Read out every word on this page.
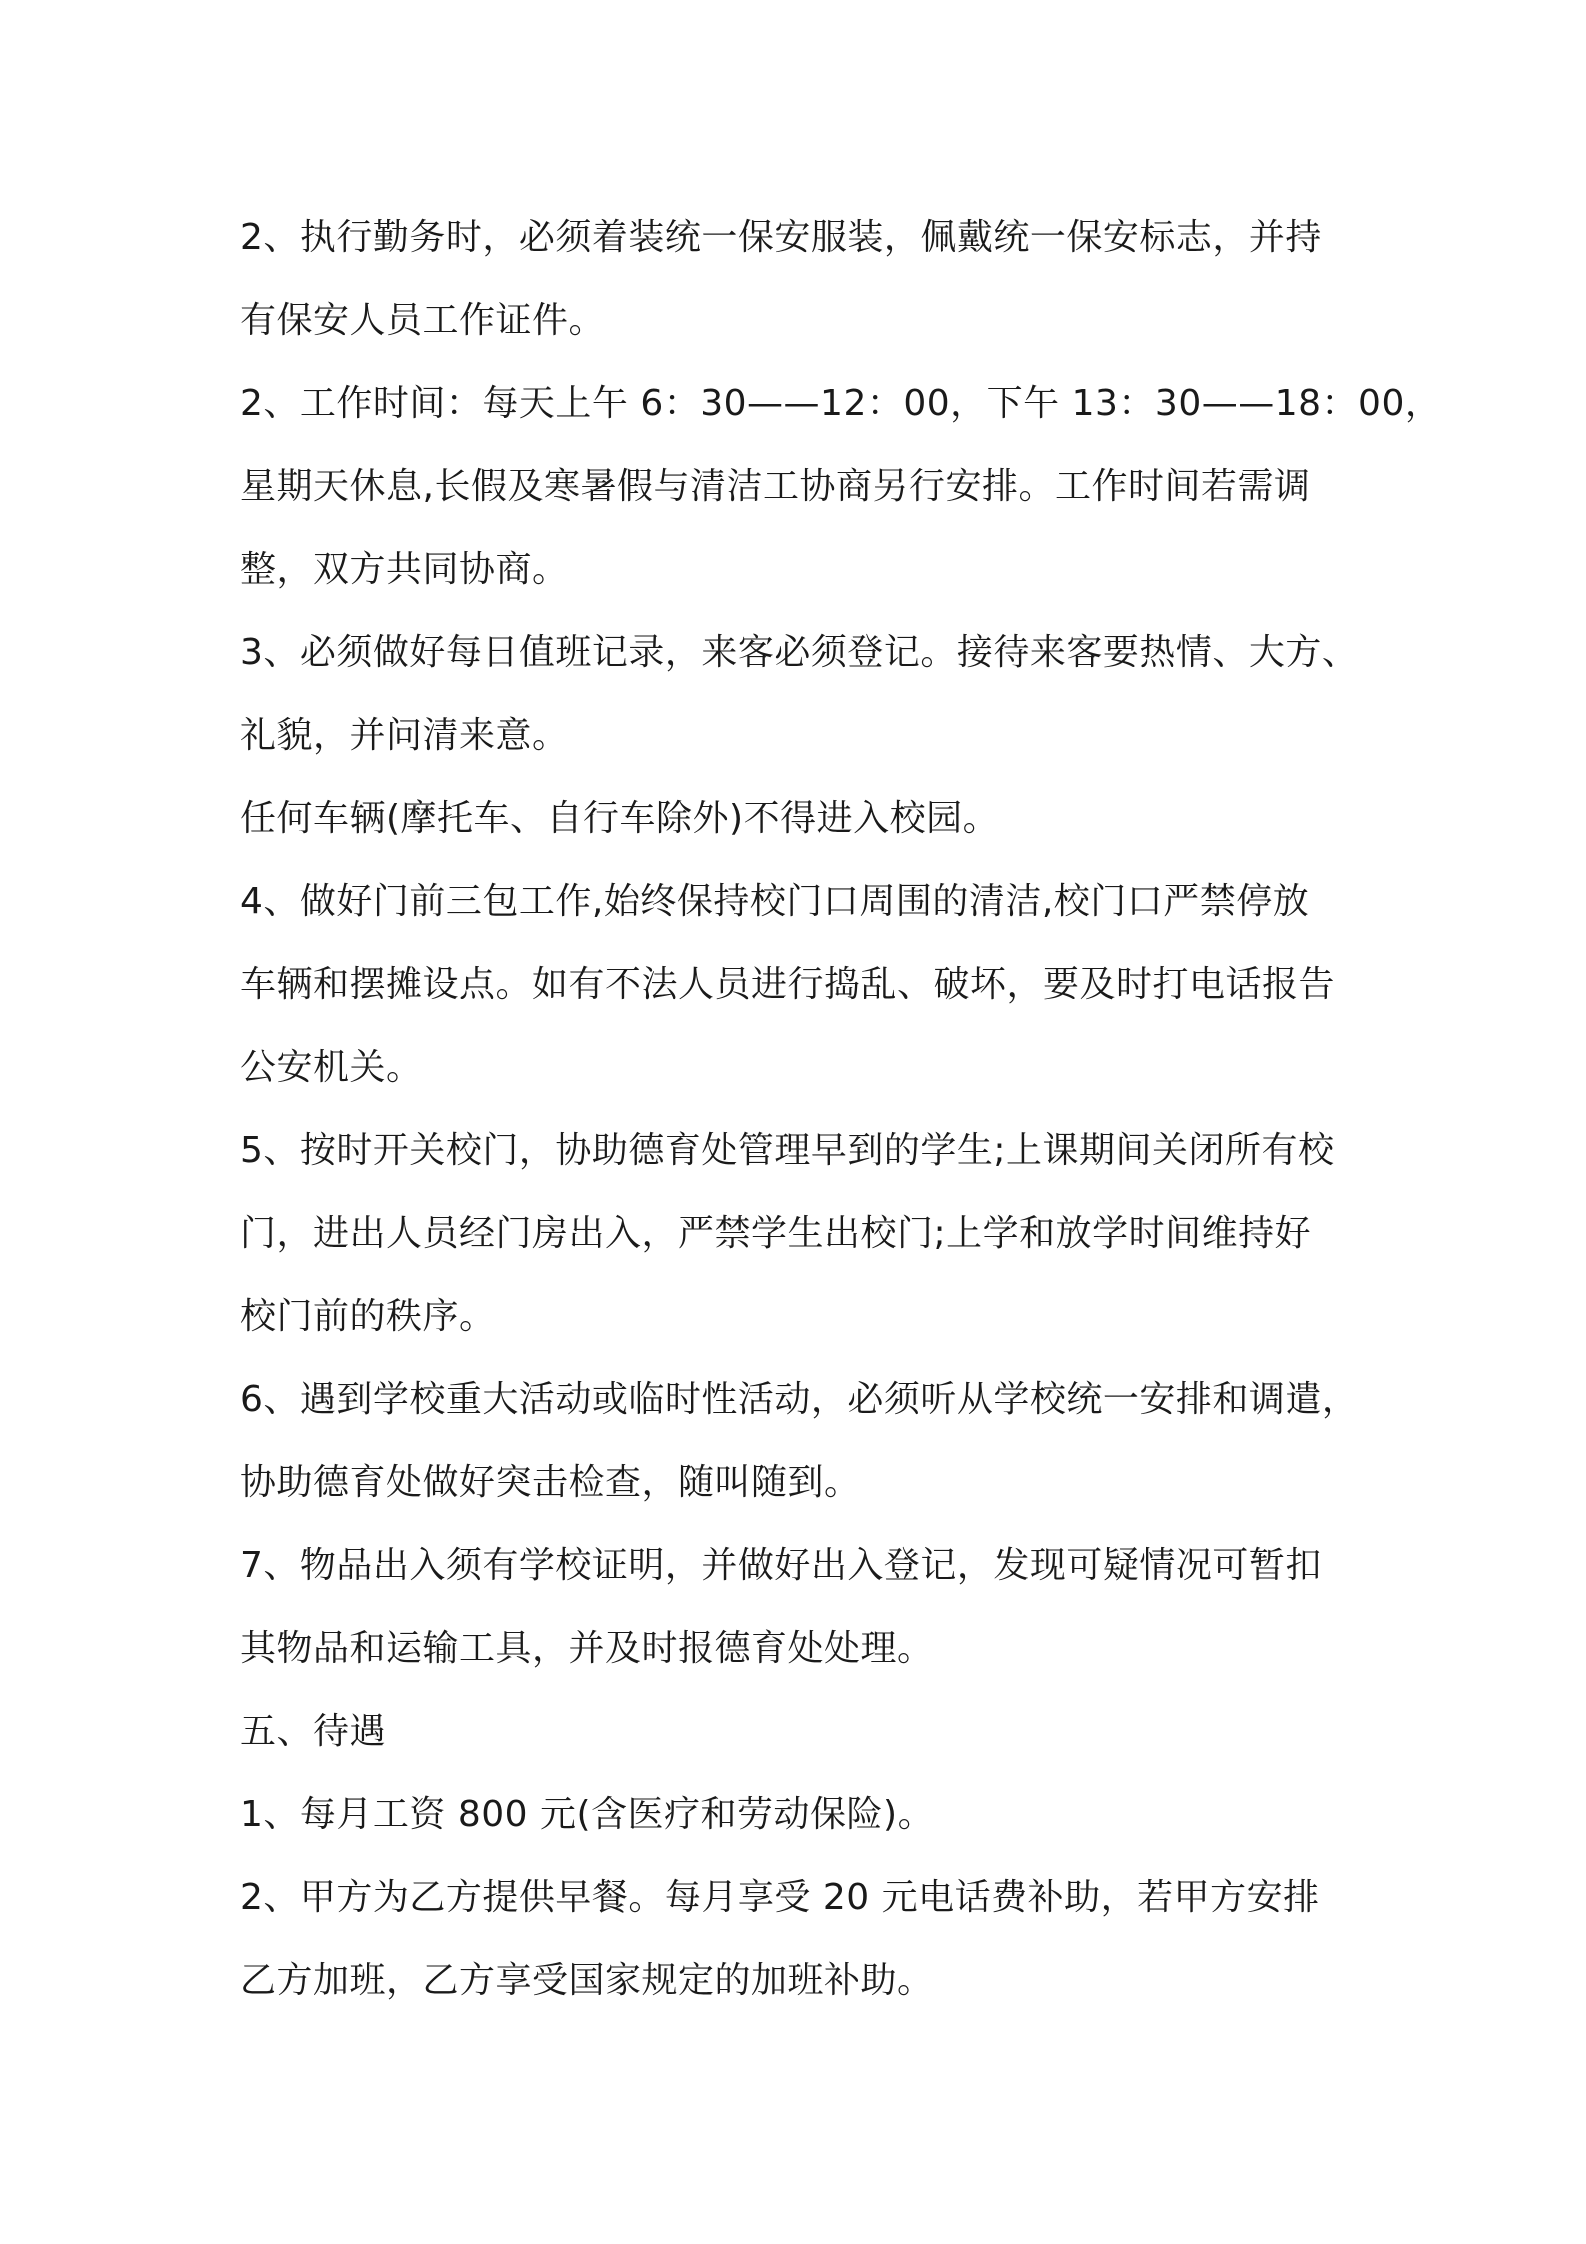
2、执行勤务时，必须着装统一保安服装，佩戴统一保安标志，并持
有保安人员工作证件。
2、工作时间：每天上午 6：30——12：00，下午 13：30——18：00，
星期天休息,长假及寒暑假与清洁工协商另行安排。工作时间若需调
整，双方共同协商。
3、必须做好每日值班记录，来客必须登记。接待来客要热情、大方、
礼貌，并问清来意。
任何车辆(摩托车、自行车除外)不得进入校园。
4、做好门前三包工作,始终保持校门口周围的清洁,校门口严禁停放
车辆和摆摊设点。如有不法人员进行捣乱、破坏，要及时打电话报告
公安机关。
5、按时开关校门，协助德育处管理早到的学生;上课期间关闭所有校
门，进出人员经门房出入，严禁学生出校门;上学和放学时间维持好
校门前的秩序。
6、遇到学校重大活动或临时性活动，必须听从学校统一安排和调遣，
协助德育处做好突击检查，随叫随到。
7、物品出入须有学校证明，并做好出入登记，发现可疑情况可暂扣
其物品和运输工具，并及时报德育处处理。
五、待遇
1、每月工资 800 元(含医疗和劳动保险)。
2、甲方为乙方提供早餐。每月享受 20 元电话费补助，若甲方安排
乙方加班，乙方享受国家规定的加班补助。
